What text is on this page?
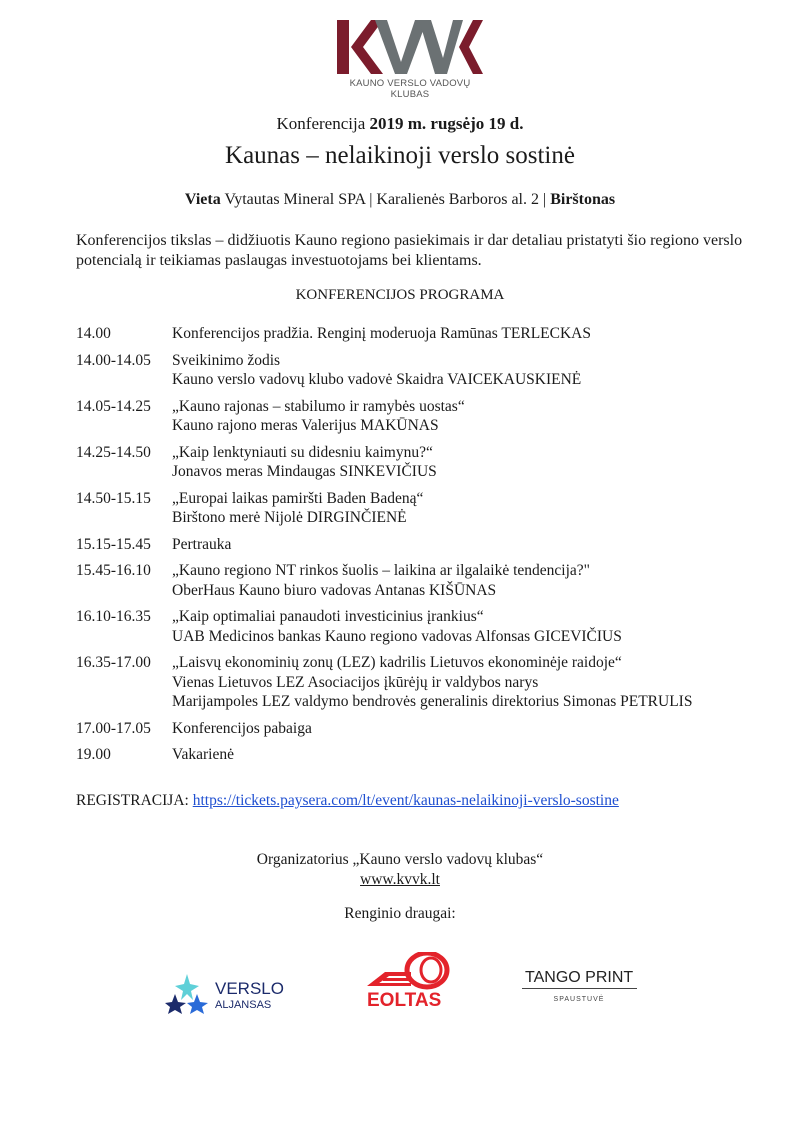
KAUNO VERSLO VADOVŲ KLUBAS
Konferencija 2019 m. rugsėjo 19 d.
Kaunas – nelaikinoji verslo sostinė
Vieta Vytautas Mineral SPA | Karalienės Barboros al. 2 | Birštonas
Konferencijos tikslas – didžiuotis Kauno regiono pasiekimais ir dar detaliau pristatyti šio regiono verslo potencialą ir teikiamas paslaugas investuotojams bei klientams.
KONFERENCIJOS PROGRAMA
14.00	Konferencijos pradžia. Renginį moderuoja Ramūnas TERLECKAS
14.00-14.05	Sveikinimo žodis
Kauno verslo vadovų klubo vadovė Skaidra VAICEKAUSKIENĖ
14.05-14.25	„Kauno rajonas – stabilumo ir ramybės uostas“
Kauno rajono meras Valerijus MAKŪNAS
14.25-14.50	„Kaip lenktyniauti su didesniu kaimynu?“
Jonavos meras Mindaugas SINKEVIČIUS
14.50-15.15	„Europai laikas pamiršti Baden Badeną“
Birštono merė Nijolė DIRGINČIENĖ
15.15-15.45	Pertrauka
15.45-16.10	„Kauno regiono NT rinkos šuolis – laikina ar ilgalaikė tendencija?"
OberHaus Kauno biuro vadovas Antanas KIŠŪNAS
16.10-16.35	„Kaip optimaliai panaudoti investicinius įrankius“
UAB Medicinos bankas Kauno regiono vadovas Alfonsas GICEVIČIUS
16.35-17.00	„Laisvų ekonominių zonų (LEZ) kadrilis Lietuvos ekonominėje raidoje“
Vienas Lietuvos LEZ Asociacijos įkūrėjų ir valdybos narys
Marijampoles LEZ valdymo bendrovės generalinis direktorius Simonas PETRULIS
17.00-17.05	Konferencijos pabaiga
19.00	Vakarienė
REGISTRACIJA: https://tickets.paysera.com/lt/event/kaunas-nelaikinoji-verslo-sostine
Organizatorius „Kauno verslo vadovų klubas“
www.kvvk.lt
Renginio draugai:
VERSLO
ALJANSAS	EOLTAS
TANGO PRINT
SPAUSTUVĖ
